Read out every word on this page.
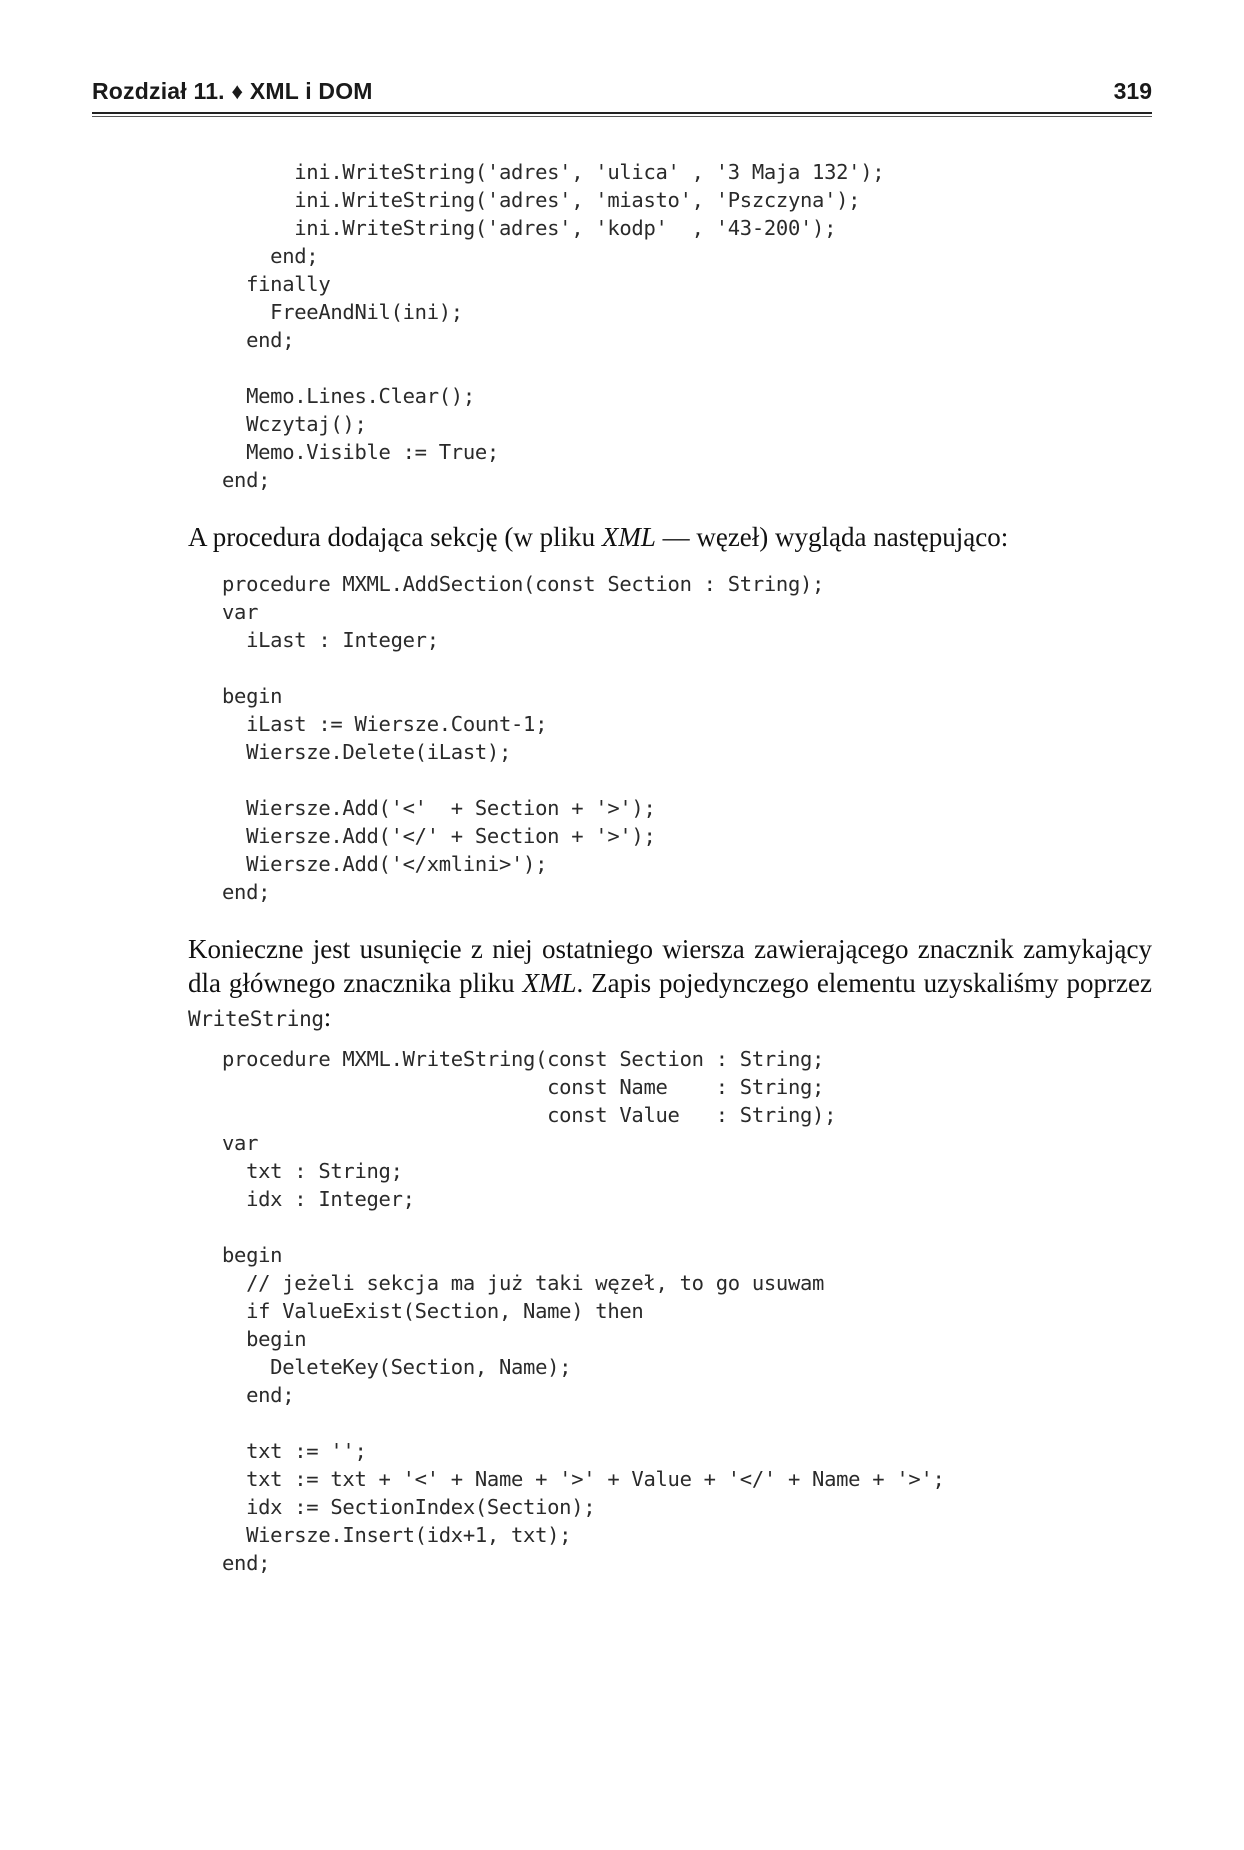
Rozdział 11. ♦ XML i DOM	319
ini.WriteString('adres', 'ulica' , '3 Maja 132');
ini.WriteString('adres', 'miasto', 'Pszczyna');
ini.WriteString('adres', 'kodp'  , '43-200');
end;
finally
FreeAndNil(ini);
end;

Memo.Lines.Clear();
Wczytaj();
Memo.Visible := True;
end;

A procedura dodająca sekcję (w pliku XML — węzeł) wygląda następująco:

procedure MXML.AddSection(const Section : String);
var
iLast : Integer;

begin
iLast := Wiersze.Count-1;
Wiersze.Delete(iLast);

Wiersze.Add('<'  + Section + '>');
Wiersze.Add('</' + Section + '>');
Wiersze.Add('</xmlini>');
end;

Konieczne jest usunięcie z niej ostatniego wiersza zawierającego znacznik zamykający dla głównego znacznika pliku XML. Zapis pojedynczego elementu uzyskaliśmy poprzez WriteString:

procedure MXML.WriteString(const Section : String;
const Name    : String;
const Value   : String);
var
txt : String;
idx : Integer;

begin
// jeżeli sekcja ma już taki węzeł, to go usuwam
if ValueExist(Section, Name) then
begin
DeleteKey(Section, Name);
end;

txt := '';
txt := txt + '<' + Name + '>' + Value + '</' + Name + '>';
idx := SectionIndex(Section);
Wiersze.Insert(idx+1, txt);
end;
